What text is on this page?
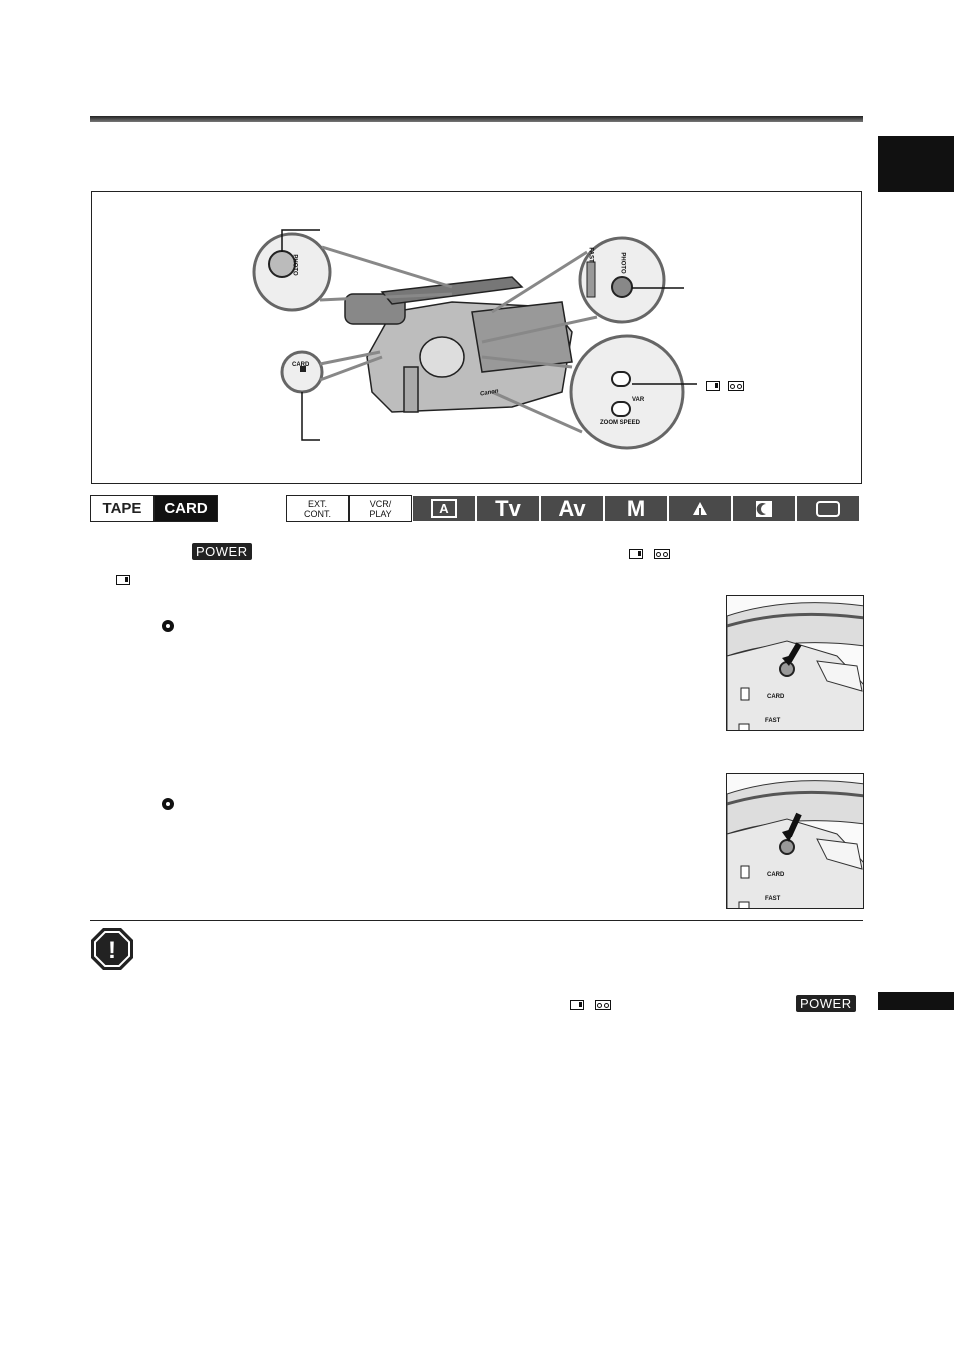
PHOTO	PHOTO
FAST
CARD
VAR
ZOOM SPEED
Canon
TAPE CARD	EXT.
CONT.
VCR/
PLAY	A	Tv Av M
POWER
CARD
FAST
CARD
FAST
!
POWER
